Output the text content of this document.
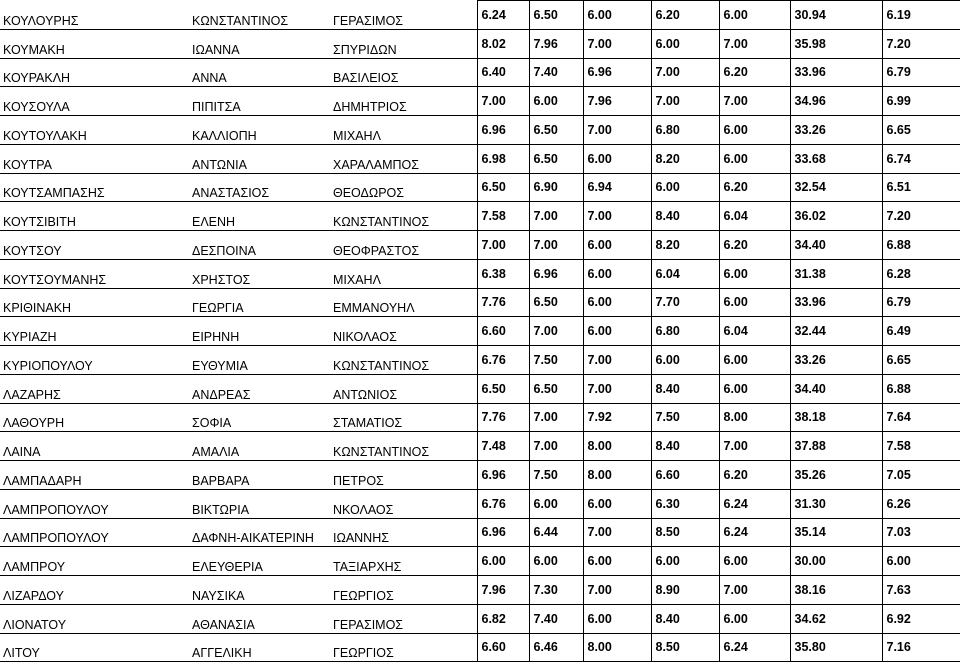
ΚΟΥΛΟΥΡΗΣ	ΚΩΝΣΤΑΝΤΙΝΟΣ	ΓΕΡΑΣΙΜΟΣ	6.24	6.50	6.00	6.20	6.00	30.94	6.19
ΚΟΥΜΑΚΗ	ΙΩΑΝΝΑ	ΣΠΥΡΙΔΩΝ	8.02	7.96	7.00	6.00	7.00	35.98	7.20
ΚΟΥΡΑΚΛΗ	ΑΝΝΑ	ΒΑΣΙΛΕΙΟΣ	6.40	7.40	6.96	7.00	6.20	33.96	6.79
ΚΟΥΣΟΥΛΑ	ΠΙΠΙΤΣΑ	ΔΗΜΗΤΡΙΟΣ	7.00	6.00	7.96	7.00	7.00	34.96	6.99
ΚΟΥΤΟΥΛΑΚΗ	ΚΑΛΛΙΟΠΗ	ΜΙΧΑΗΛ	6.96	6.50	7.00	6.80	6.00	33.26	6.65
ΚΟΥΤΡΑ	ΑΝΤΩΝΙΑ	ΧΑΡΑΛΑΜΠΟΣ	6.98	6.50	6.00	8.20	6.00	33.68	6.74
ΚΟΥΤΣΑΜΠΑΣΗΣ	ΑΝΑΣΤΑΣΙΟΣ	ΘΕΟΔΩΡΟΣ	6.50	6.90	6.94	6.00	6.20	32.54	6.51
ΚΟΥΤΣΙΒΙΤΗ	ΕΛΕΝΗ	ΚΩΝΣΤΑΝΤΙΝΟΣ	7.58	7.00	7.00	8.40	6.04	36.02	7.20
ΚΟΥΤΣΟΥ	ΔΕΣΠΟΙΝΑ	ΘΕΟΦΡΑΣΤΟΣ	7.00	7.00	6.00	8.20	6.20	34.40	6.88
ΚΟΥΤΣΟΥΜΑΝΗΣ	ΧΡΗΣΤΟΣ	ΜΙΧΑΗΛ	6.38	6.96	6.00	6.04	6.00	31.38	6.28
ΚΡΙΘΙΝΑΚΗ	ΓΕΩΡΓΙΑ	ΕΜΜΑΝΟΥΗΛ	7.76	6.50	6.00	7.70	6.00	33.96	6.79
ΚΥΡΙΑΖΗ	ΕΙΡΗΝΗ	ΝΙΚΟΛΑΟΣ	6.60	7.00	6.00	6.80	6.04	32.44	6.49
ΚΥΡΙΟΠΟΥΛΟΥ	ΕΥΘΥΜΙΑ	ΚΩΝΣΤΑΝΤΙΝΟΣ	6.76	7.50	7.00	6.00	6.00	33.26	6.65
ΛΑΖΑΡΗΣ	ΑΝΔΡΕΑΣ	ΑΝΤΩΝΙΟΣ	6.50	6.50	7.00	8.40	6.00	34.40	6.88
ΛΑΘΟΥΡΗ	ΣΟΦΙΑ	ΣΤΑΜΑΤΙΟΣ	7.76	7.00	7.92	7.50	8.00	38.18	7.64
ΛΑΙΝΑ	ΑΜΑΛΙΑ	ΚΩΝΣΤΑΝΤΙΝΟΣ	7.48	7.00	8.00	8.40	7.00	37.88	7.58
ΛΑΜΠΑΔΑΡΗ	ΒΑΡΒΑΡΑ	ΠΕΤΡΟΣ	6.96	7.50	8.00	6.60	6.20	35.26	7.05
ΛΑΜΠΡΟΠΟΥΛΟΥ	ΒΙΚΤΩΡΙΑ	ΝΚΟΛΑΟΣ	6.76	6.00	6.00	6.30	6.24	31.30	6.26
ΛΑΜΠΡΟΠΟΥΛΟΥ	ΔΑΦΝΗ-ΑΙΚΑΤΕΡΙΝΗ	ΙΩΑΝΝΗΣ	6.96	6.44	7.00	8.50	6.24	35.14	7.03
ΛΑΜΠΡΟΥ	ΕΛΕΥΘΕΡΙΑ	ΤΑΞΙΑΡΧΗΣ	6.00	6.00	6.00	6.00	6.00	30.00	6.00
ΛΙΖΑΡΔΟΥ	ΝΑΥΣΙΚΑ	ΓΕΩΡΓΙΟΣ	7.96	7.30	7.00	8.90	7.00	38.16	7.63
ΛΙΟΝΑΤΟΥ	ΑΘΑΝΑΣΙΑ	ΓΕΡΑΣΙΜΟΣ	6.82	7.40	6.00	8.40	6.00	34.62	6.92
ΛΙΤΟΥ	ΑΓΓΕΛΙΚΗ	ΓΕΩΡΓΙΟΣ	6.60	6.46	8.00	8.50	6.24	35.80	7.16
